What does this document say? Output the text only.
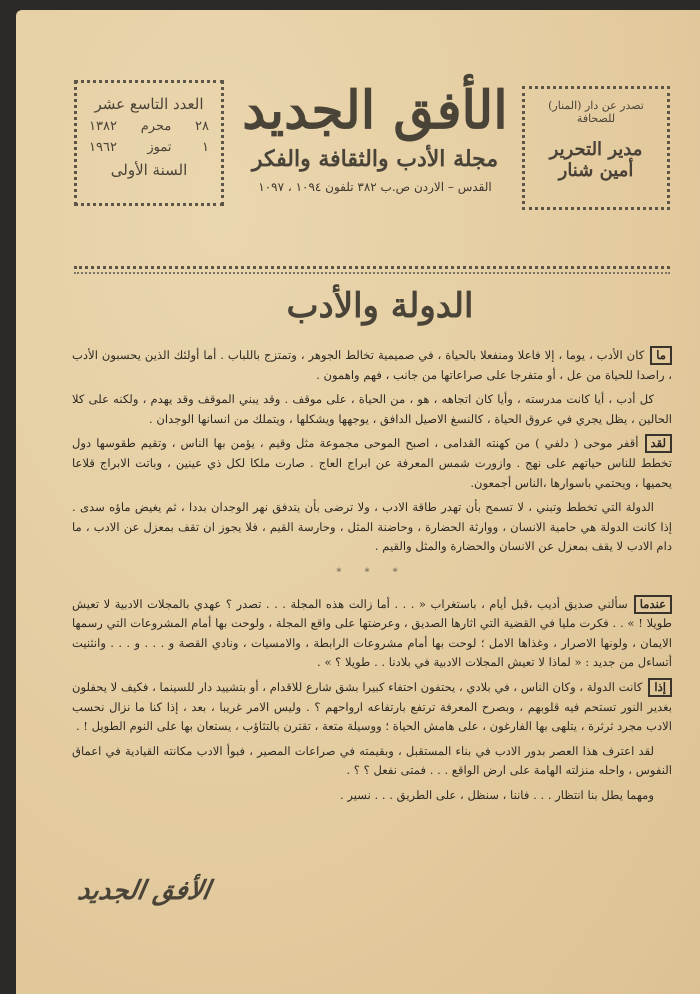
العدد التاسع عشر
٢٨
محرم
١٣٨٢
١
تموز
١٩٦٢
السنة الأولى
الأفق الجديد
مجلة الأدب والثقافة والفكر
القدس – الاردن ص.ب ٣٨٢ تلفون ١٠٩٤ ، ١٠٩٧
تصدر عن دار (المنار) للصحافة
مدير التحرير
أمين شنار
الدولة والأدب

ماكان الأدب ، يوما ، إلا فاعلا ومنفعلا بالحياة ، في صميمية تخالط الجوهر ، وتمتزج باللباب . أما أولئك الذين يحسبون الأدب ، راصدا للحياة من عل ، أو متفرجا على صراعاتها من جانب ، فهم واهمون .

كل أدب ، أيا كانت مدرسته ، وأيا كان اتجاهه ، هو ، من الحياة ، على موقف . وقد يبني الموقف وقد يهدم ، ولكنه على كلا الحالين ، يظل يجري في عروق الحياة ، كالنسغ الاصيل الدافق ، يوجهها ويشكلها ، ويتملك من انسانها الوجدان .

لقدأقفر موحى ( دلفي ) من كهنته القدامى ، اصبح الموحى مجموعة مثل وقيم ، يؤمن بها الناس ، وتقيم طقوسها دول تخطط للناس حياتهم على نهج . وازورت شمس المعرفة عن ابراج العاج . صارت ملكا لكل ذي عينين ، وباتت الابراج قلاعا يحميها ، ويحتمي باسوارها ،الناس أجمعون.

الدولة التي تخطط وتبني ، لا تسمح بأن تهدر طاقة الادب ، ولا ترضى بأن يتدفق نهر الوجدان بددا ، ثم يغيض ماؤه سدى . إذا كانت الدولة هي حامية الانسان ، ووارثة الحضارة ، وحاضنة المثل ، وحارسة القيم ، فلا يجوز ان تقف بمعزل عن الادب ، ما دام الادب لا يقف بمعزل عن الانسان والحضارة والمثل والقيم .

* * *

عندماسألني صديق أديب ،قبل أيام ، باستغراب « . . . أما زالت هذه المجلة . . . تصدر ؟ عهدي بالمجلات الادبية لا تعيش طويلا ! » . . فكرت مليا في القضية التي اثارها الصديق ، وعرضتها على واقع المجلة ، ولوحت بها أمام المشروعات التي رسمها الايمان ، ولونها الاصرار ، وغذاها الامل ؛ لوحت بها أمام مشروعات الرابطة ، والامسيات ، ونادي القصة و . . . و . . . وانثنيت أتساءل من جديد : « لماذا لا تعيش المجلات الادبية في بلادنا . . طويلا ؟ » .

إذاكانت الدولة ، وكان الناس ، في بلادي ، يحتفون احتفاء كبيرا بشق شارع للاقدام ، أو بتشييد دار للسينما ، فكيف لا يحفلون بغدير النور تستحم فيه قلوبهم ، وبصرح المعرفة ترتفع بارتفاعه ارواحهم ؟ . وليس الامر غريبا ، بعد ، إذا كنا ما نزال نحسب الادب مجرد ثرثرة ، يتلهى بها الفارغون ، على هامش الحياة ؛ ووسيلة متعة ، تقترن بالتثاؤب ، يستعان بها على النوم الطويل ! .

لقد اعترف هذا العصر بدور الادب في بناء المستقبل ، وبقيمته في صراعات المصير ، فبوأ الادب مكانته القيادية في اعماق النفوس ، واحله منزلته الهامة على ارض الواقع . . . فمتى نفعل ؟ ؟ .

ومهما يطل بنا انتظار . . . فاننا ، سنظل ، على الطريق . . . نسير .

الأفق الجديد
